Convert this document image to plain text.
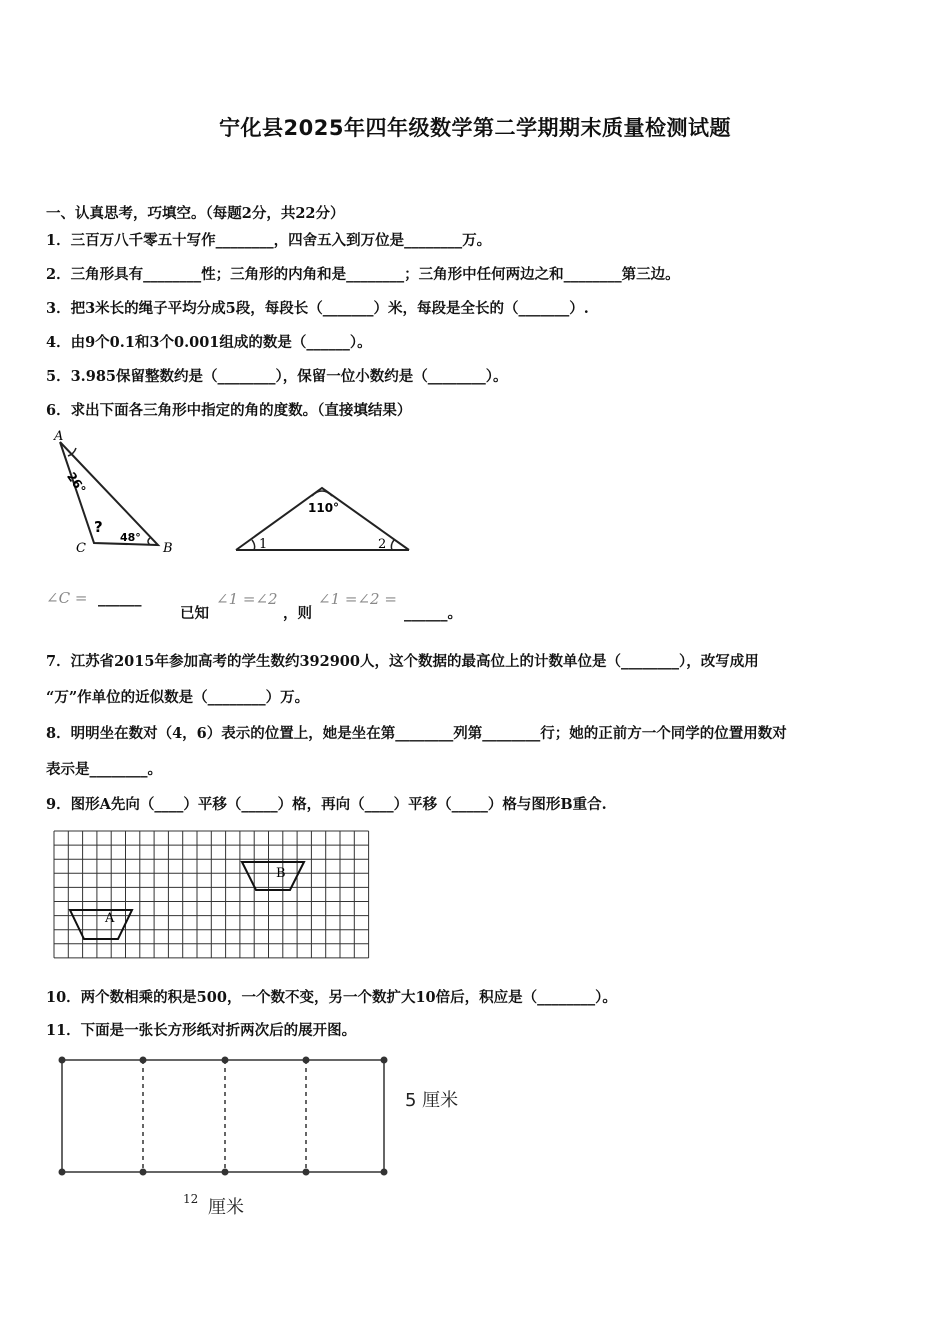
宁化县2025年四年级数学第二学期期末质量检测试题
一、认真思考，巧填空。（每题2分，共22分）
1．三百万八千零五十写作________，四舍五入到万位是________万。
2．三角形具有________性；三角形的内角和是________；三角形中任何两边之和________第三边。
3．把3米长的绳子平均分成5段，每段长（_______）米，每段是全长的（_______）.
4．由9个0.1和3个0.001组成的数是（______）。
5．3.985保留整数约是（________），保留一位小数约是（________）。
6．求出下面各三角形中指定的角的度数。（直接填结果）
A
C	B
26°
?
48°
110°
1	2
∠C = ______
已知
∠1 =∠2
，则
∠1 =∠2 =
______。
7．江苏省2015年参加高考的学生数约392900人，这个数据的最高位上的计数单位是（________），改写成用
“万”作单位的近似数是（________）万。
8．明明坐在数对（4，6）表示的位置上，她是坐在第________列第________行；她的正前方一个同学的位置用数对
表示是________。
9．图形A先向（____）平移（_____）格，再向（____）平移（_____）格与图形B重合.
B
A
10．两个数相乘的积是500，一个数不变，另一个数扩大10倍后，积应是（________）。
11．下面是一张长方形纸对折两次后的展开图。
5 厘米
12 厘米
